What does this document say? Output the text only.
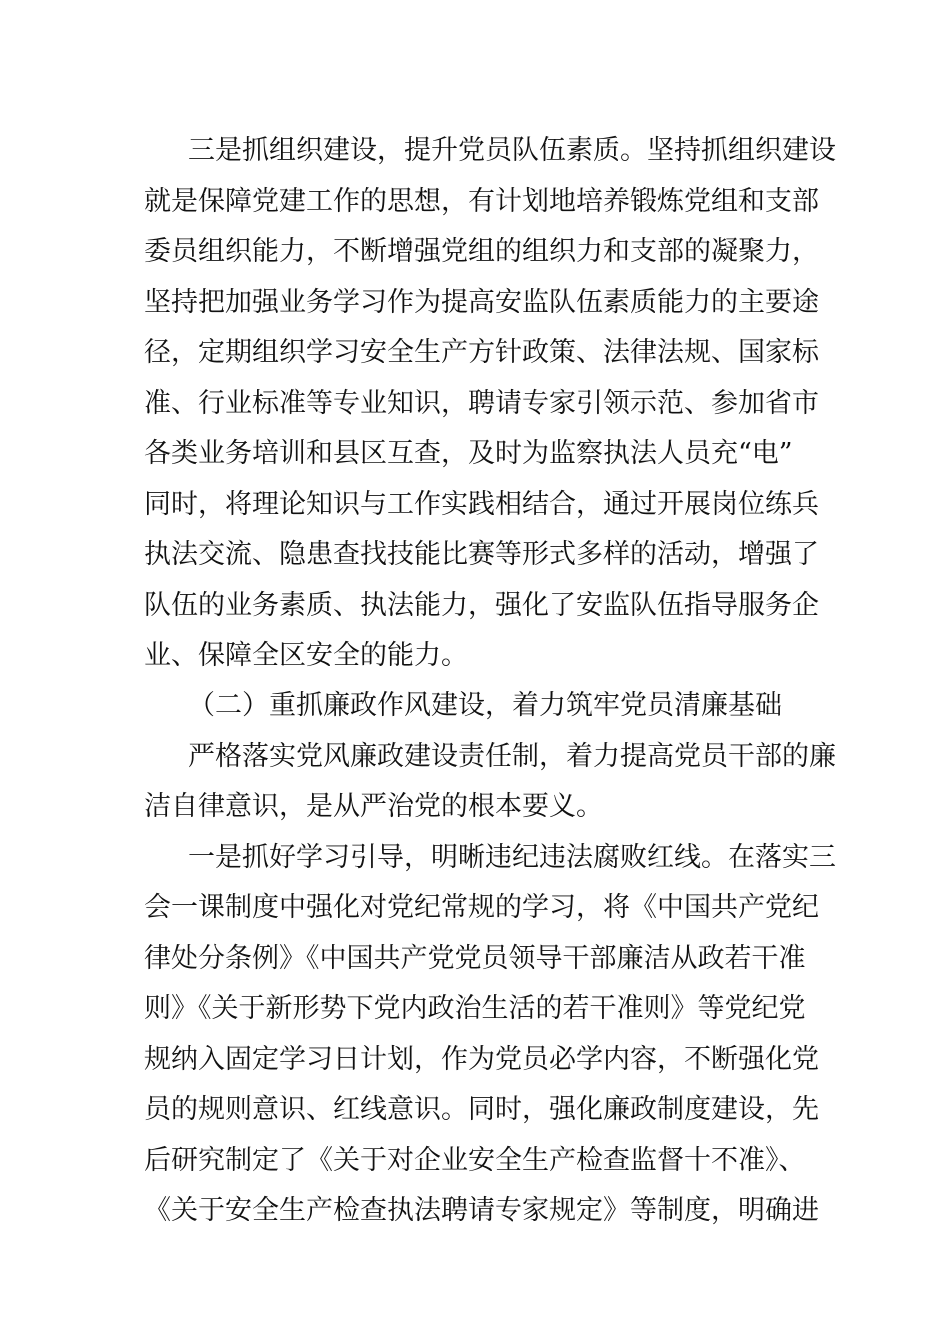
三是抓组织建设，提升党员队伍素质。坚持抓组织建设
就是保障党建工作的思想，有计划地培养锻炼党组和支部
委员组织能力，不断增强党组的组织力和支部的凝聚力，
坚持把加强业务学习作为提高安监队伍素质能力的主要途
径，定期组织学习安全生产方针政策、法律法规、国家标
准、行业标准等专业知识，聘请专家引领示范、参加省市
各类业务培训和县区互查，及时为监察执法人员充“电”
同时，将理论知识与工作实践相结合，通过开展岗位练兵
执法交流、隐患查找技能比赛等形式多样的活动，增强了
队伍的业务素质、执法能力，强化了安监队伍指导服务企
业、保障全区安全的能力。
（二）重抓廉政作风建设，着力筑牢党员清廉基础
严格落实党风廉政建设责任制，着力提高党员干部的廉
洁自律意识，是从严治党的根本要义。
一是抓好学习引导，明晰违纪违法腐败红线。在落实三
会一课制度中强化对党纪常规的学习，将《中国共产党纪
律处分条例》《中国共产党党员领导干部廉洁从政若干准
则》《关于新形势下党内政治生活的若干准则》等党纪党
规纳入固定学习日计划，作为党员必学内容，不断强化党
员的规则意识、红线意识。同时，强化廉政制度建设，先
后研究制定了《关于对企业安全生产检查监督十不准》、
《关于安全生产检查执法聘请专家规定》等制度，明确进
